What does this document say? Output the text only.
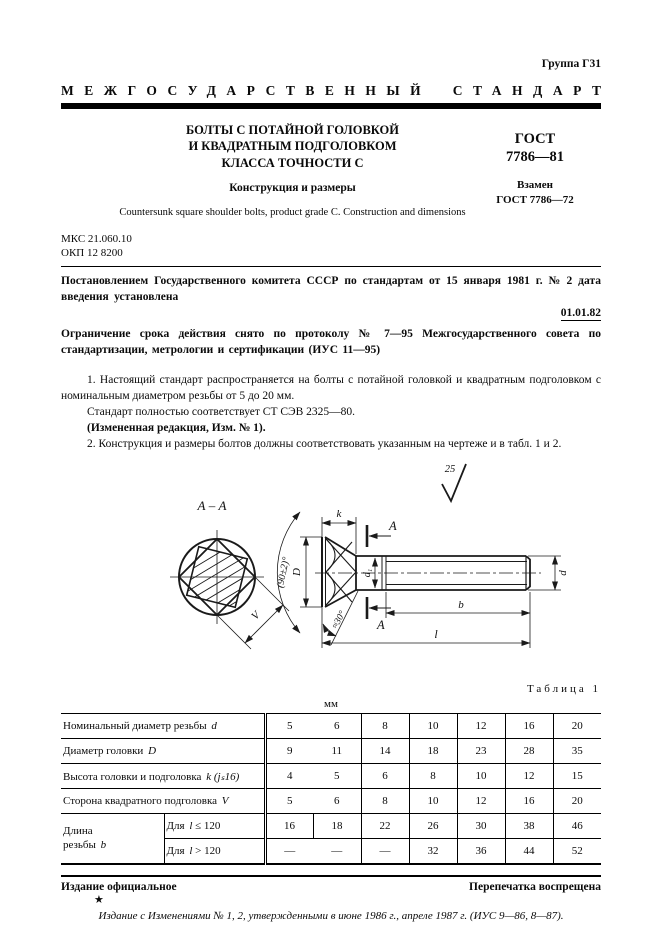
Группа Г31
МЕЖГОСУДАРСТВЕННЫЙ СТАНДАРТ
БОЛТЫ С ПОТАЙНОЙ ГОЛОВКОЙ
И КВАДРАТНЫМ ПОДГОЛОВКОМ
КЛАССА ТОЧНОСТИ С
Конструкция и размеры
Countersunk square shoulder bolts, product grade C. Construction and dimensions
ГОСТ
7786—81
Взамен
ГОСТ 7786—72
МКС 21.060.10
ОКП 12 8200
Постановлением Государственного комитета СССР по стандартам от 15 января 1981 г. № 2 дата введения установлена
01.01.82
Ограничение срока действия снято по протоколу № 7—95 Межгосударственного совета по стандартизации, метрологии и сертификации (ИУС 11—95)

1. Настоящий стандарт распространяется на болты с потайной головкой и квадратным подголовком с номинальным диаметром резьбы от 5 до 20 мм.

Стандарт полностью соответствует СТ СЭВ 2325—80.

(Измененная редакция, Изм. № 1).

2. Конструкция и размеры болтов должны соответствовать указанным на чертеже и в табл. 1 и 2.

25
А – А
V
k
А
А
D
(90±2)°	d₁	d
b
l
≈30°
Таблица 1
мм
Номинальный диаметр резьбы d		5	6	8	10	12	16	20
Диаметр головки D		9	11	14	18	23	28	35
Высота головки и подголовка k (jₛ16)		4	5	6	8	10	12	15
Сторона квадратного подголовка V		5	6	8	10	12	16	20
Длина
резьбы b	Для l ≤ 120	16	18	22	26	30	38	46
	Для l > 120	—	—	—	32	36	44	52
Издание официальное	Перепечатка воспрещена
★
Издание с Изменениями № 1, 2, утвержденными в июне 1986 г., апреле 1987 г. (ИУС 9—86, 8—87).
